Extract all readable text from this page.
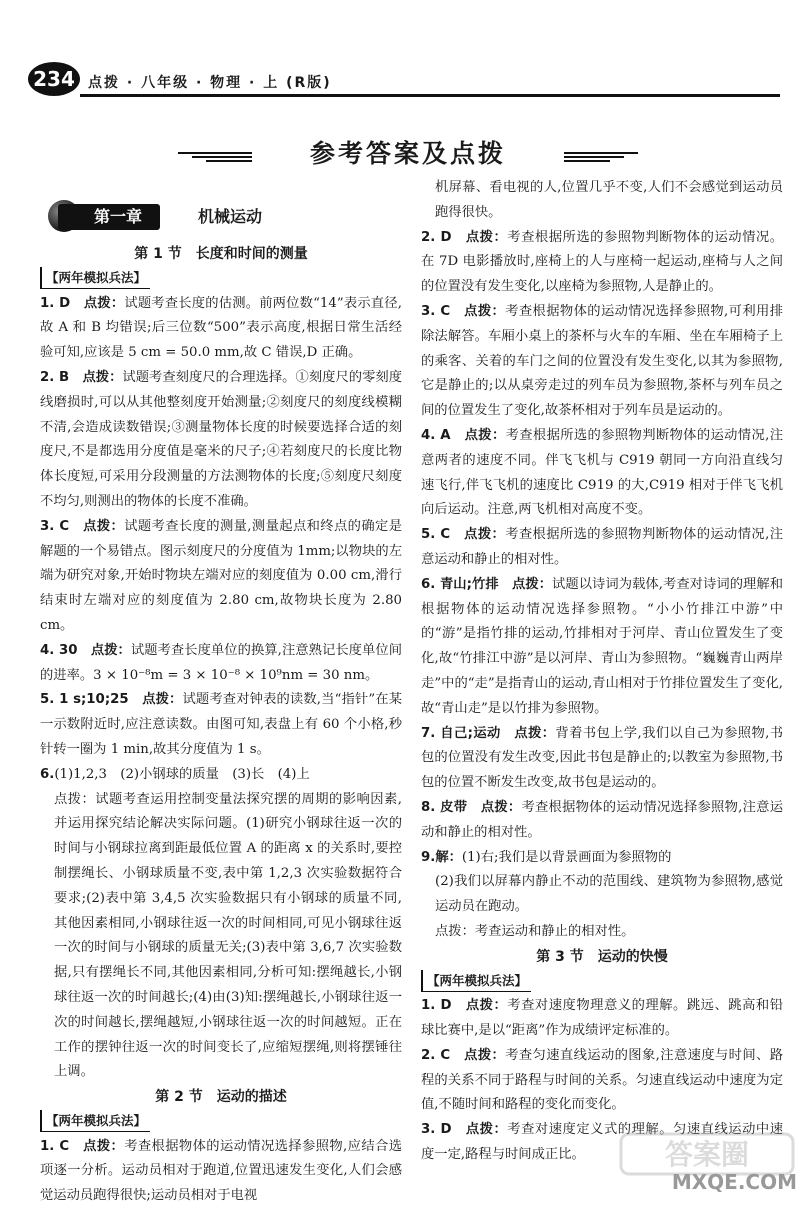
234 点拨 · 八年级 · 物理 · 上 (R版)
参考答案及点拨
第一章	机械运动

第 1 节　长度和时间的测量

【两年模拟兵法】

1. D　 点拨：试题考查长度的估测。前两位数“14”表示直径,故 A 和 B 均错误;后三位数“500”表示高度,根据日常生活经验可知,应该是 5 cm = 50.0 mm,故 C 错误,D 正确。

2. B　 点拨：试题考查刻度尺的合理选择。①刻度尺的零刻度线磨损时,可以从其他整刻度开始测量;②刻度尺的刻度线模糊不清,会造成读数错误;③测量物体长度的时候要选择合适的刻度尺,不是都选用分度值是毫米的尺子;④若刻度尺的长度比物体长度短,可采用分段测量的方法测物体的长度;⑤刻度尺刻度不均匀,则测出的物体的长度不准确。

3. C　 点拨：试题考查长度的测量,测量起点和终点的确定是解题的一个易错点。图示刻度尺的分度值为 1mm;以物块的左端为研究对象,开始时物块左端对应的刻度值为 0.00 cm,滑行结束时左端对应的刻度值为 2.80 cm,故物块长度为 2.80 cm。

4. 30　 点拨：试题考查长度单位的换算,注意熟记长度单位间的进率。3 × 10⁻⁸m = 3 × 10⁻⁸ × 10⁹nm = 30 nm。

5. 1 s;10;25　 点拨：试题考查对钟表的读数,当“指针”在某一示数附近时,应注意读数。由图可知,表盘上有 60 个小格,秒针转一圈为 1 min,故其分度值为 1 s。

6.(1)1,2,3　(2)小钢球的质量　(3)长　(4)上

点拨：试题考查运用控制变量法探究摆的周期的影响因素,并运用探究结论解决实际问题。(1)研究小钢球往返一次的时间与小钢球拉离到距最低位置 A 的距离 x 的关系时,要控制摆绳长、小钢球质量不变,表中第 1,2,3 次实验数据符合要求;(2)表中第 3,4,5 次实验数据只有小钢球的质量不同,其他因素相同,小钢球往返一次的时间相同,可见小钢球往返一次的时间与小钢球的质量无关;(3)表中第 3,6,7 次实验数据,只有摆绳长不同,其他因素相同,分析可知:摆绳越长,小钢球往返一次的时间越长;(4)由(3)知:摆绳越长,小钢球往返一次的时间越长,摆绳越短,小钢球往返一次的时间越短。正在工作的摆钟往返一次的时间变长了,应缩短摆绳,则将摆锤往上调。

第 2 节　运动的描述

【两年模拟兵法】

1. C　 点拨：考查根据物体的运动情况选择参照物,应结合选项逐一分析。运动员相对于跑道,位置迅速发生变化,人们会感觉运动员跑得很快;运动员相对于电视

机屏幕、看电视的人,位置几乎不变,人们不会感觉到运动员跑得很快。

2. D　 点拨：考查根据所选的参照物判断物体的运动情况。在 7D 电影播放时,座椅上的人与座椅一起运动,座椅与人之间的位置没有发生变化,以座椅为参照物,人是静止的。

3. C　 点拨：考查根据物体的运动情况选择参照物,可利用排除法解答。车厢小桌上的茶杯与火车的车厢、坐在车厢椅子上的乘客、关着的车门之间的位置没有发生变化,以其为参照物,它是静止的;以从桌旁走过的列车员为参照物,茶杯与列车员之间的位置发生了变化,故茶杯相对于列车员是运动的。

4. A　 点拨：考查根据所选的参照物判断物体的运动情况,注意两者的速度不同。伴飞飞机与 C919 朝同一方向沿直线匀速飞行,伴飞飞机的速度比 C919 的大,C919 相对于伴飞飞机向后运动。注意,两飞机相对高度不变。

5. C　 点拨：考查根据所选的参照物判断物体的运动情况,注意运动和静止的相对性。

6. 青山;竹排　 点拨：试题以诗词为载体,考查对诗词的理解和根据物体的运动情况选择参照物。“小小竹排江中游”中的“游”是指竹排的运动,竹排相对于河岸、青山位置发生了变化,故“竹排江中游”是以河岸、青山为参照物。“巍巍青山两岸走”中的“走”是指青山的运动,青山相对于竹排位置发生了变化,故“青山走”是以竹排为参照物。

7. 自己;运动　 点拨：背着书包上学,我们以自己为参照物,书包的位置没有发生改变,因此书包是静止的;以教室为参照物,书包的位置不断发生改变,故书包是运动的。

8. 皮带　 点拨：考查根据物体的运动情况选择参照物,注意运动和静止的相对性。

9.解：(1)右;我们是以背景画面为参照物的

(2)我们以屏幕内静止不动的范围线、建筑物为参照物,感觉运动员在跑动。

点拨：考查运动和静止的相对性。

第 3 节　运动的快慢

【两年模拟兵法】

1. D　 点拨：考查对速度物理意义的理解。跳远、跳高和铅球比赛中,是以“距离”作为成绩评定标准的。

2. C　 点拨：考查匀速直线运动的图象,注意速度与时间、路程的关系不同于路程与时间的关系。匀速直线运动中速度为定值,不随时间和路程的变化而变化。

3. D　 点拨：考查对速度定义式的理解。匀速直线运动中速度一定,路程与时间成正比。	答案圈
MXQE.COM
